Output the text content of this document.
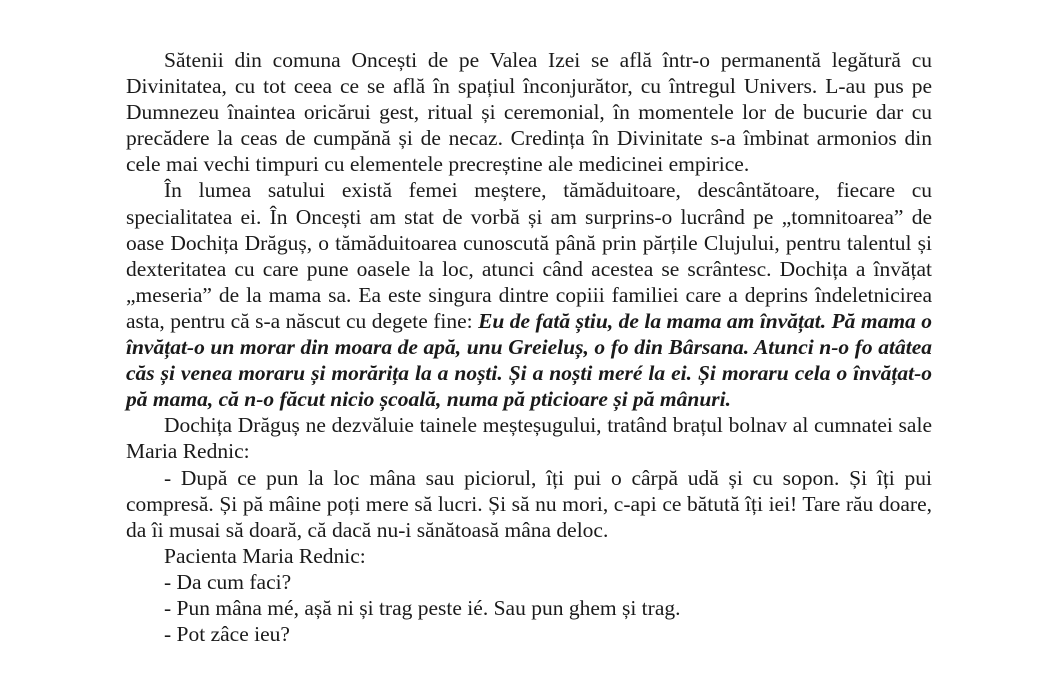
Sătenii din comuna Oncești de pe Valea Izei se află într-o permanentă legătură cu Divinitatea, cu tot ceea ce se află în spațiul înconjurător, cu întregul Univers. L-au pus pe Dumnezeu înaintea oricărui gest, ritual și ceremonial, în momentele lor de bucurie dar cu precădere la ceas de cumpănă și de necaz. Credința în Divinitate s-a îmbinat armonios din cele mai vechi timpuri cu elementele precreștine ale medicinei empirice.

În lumea satului există femei meștere, tămăduitoare, descântătoare, fiecare cu specialitatea ei. În Oncești am stat de vorbă și am surprins-o lucrând pe „tomnitoarea” de oase Dochița Drăguș, o tămăduitoarea cunoscută până prin părțile Clujului, pentru talentul și dexteritatea cu care pune oasele la loc, atunci când acestea se scrântesc. Dochița a învățat „meseria” de la mama sa. Ea este singura dintre copiii familiei care a deprins îndeletnicirea asta, pentru că s-a născut cu degete fine: Eu de fată știu, de la mama am învățat. Pă mama o învățat-o un morar din moara de apă, unu Greieluș, o fo din Bârsana. Atunci n-o fo atâtea căs și venea moraru și morărița la a noști. Și a noști meré la ei. Și moraru cela o învățat-o pă mama, că n-o făcut nicio școală, numa pă pticioare și pă mânuri.

Dochița Drăguș ne dezvăluie tainele meșteșugului, tratând brațul bolnav al cumnatei sale Maria Rednic:

- După ce pun la loc mâna sau piciorul, îți pui o cârpă udă și cu sopon. Și îți pui compresă. Și pă mâine poți mere să lucri. Și să nu mori, c-api ce bătută îți iei! Tare rău doare, da îi musai să doară, că dacă nu-i sănătoasă mâna deloc.

Pacienta Maria Rednic:

- Da cum faci?

- Pun mâna mé, așă ni și trag peste ié. Sau pun ghem și trag.

- Pot zâce ieu?
